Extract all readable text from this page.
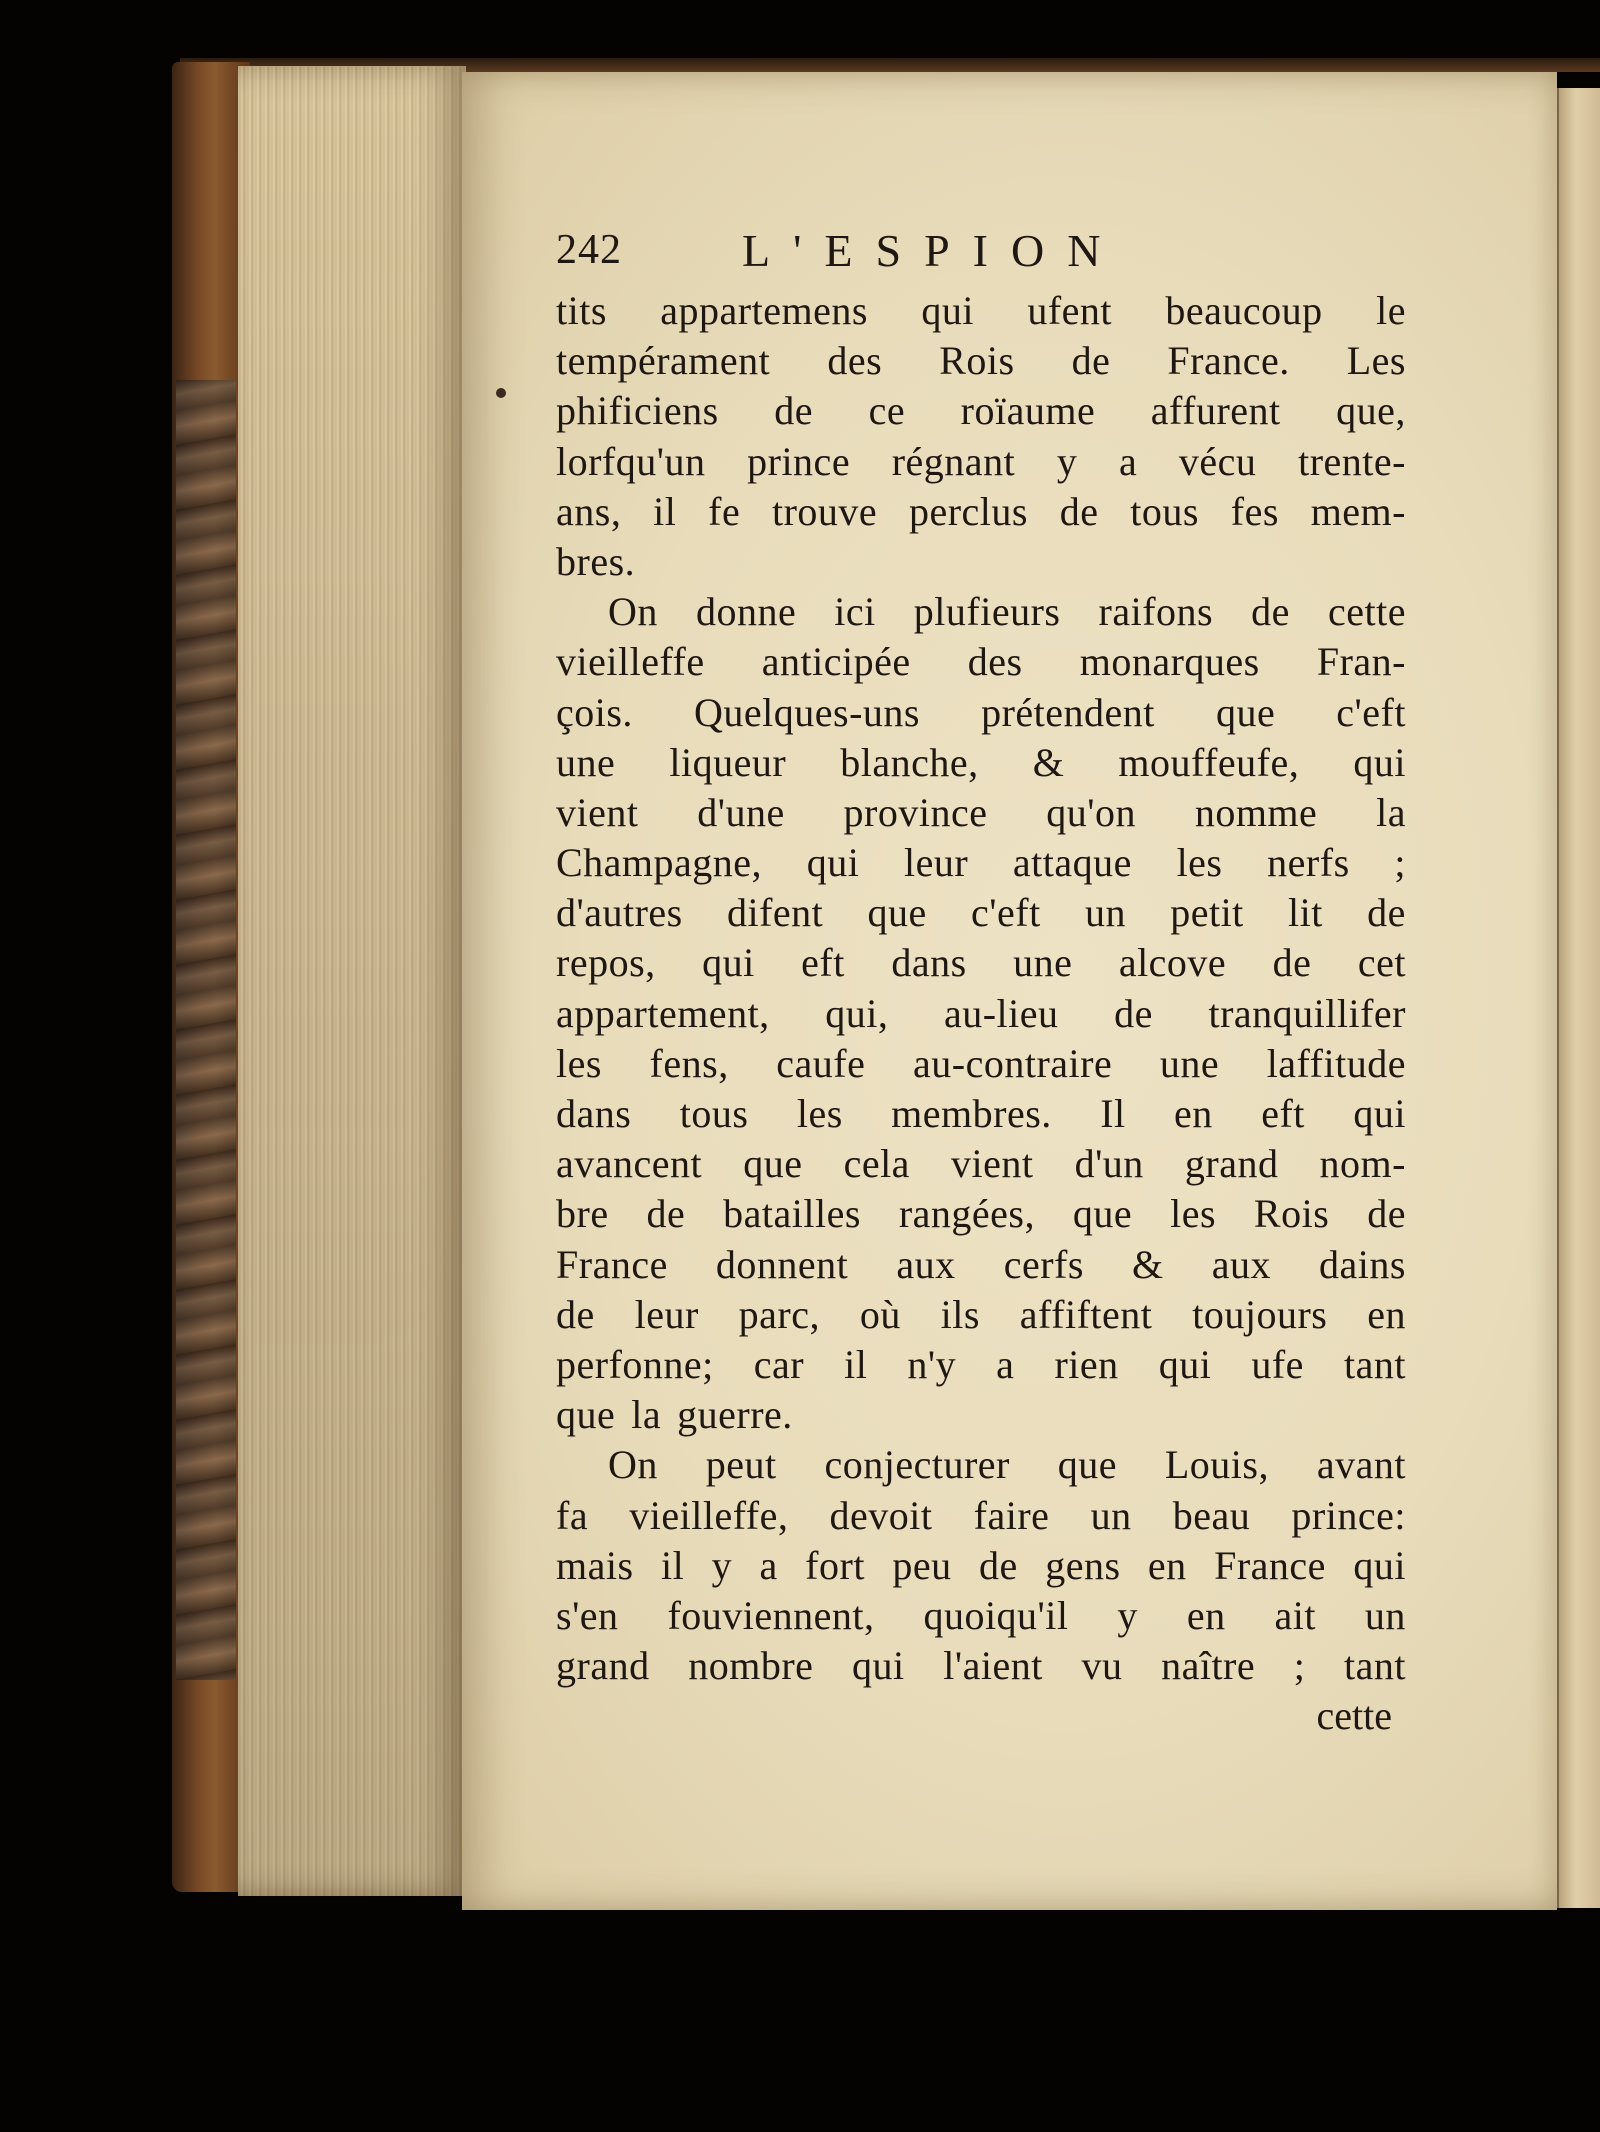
242	L'ESPION
tits appartemens qui ufent beaucoup le
tempérament des Rois de France. Les
phificiens de ce roïaume affurent que,
lorfqu'un prince régnant y a vécu trente-
ans, il fe trouve perclus de tous fes mem-
bres.
On donne ici plufieurs raifons de cette
vieilleffe anticipée des monarques Fran-
çois. Quelques-uns prétendent que c'eft
une liqueur blanche, & mouffeufe, qui
vient d'une province qu'on nomme la
Champagne, qui leur attaque les nerfs ;
d'autres difent que c'eft un petit lit de
repos, qui eft dans une alcove de cet
appartement, qui, au-lieu de tranquillifer
les fens, caufe au-contraire une laffitude
dans tous les membres. Il en eft qui
avancent que cela vient d'un grand nom-
bre de batailles rangées, que les Rois de
France donnent aux cerfs & aux dains
de leur parc, où ils affiftent toujours en
perfonne; car il n'y a rien qui ufe tant
que la guerre.
On peut conjecturer que Louis, avant
fa vieilleffe, devoit faire un beau prince:
mais il y a fort peu de gens en France qui
s'en fouviennent, quoiqu'il y en ait un
grand nombre qui l'aient vu naître ; tant
cette
